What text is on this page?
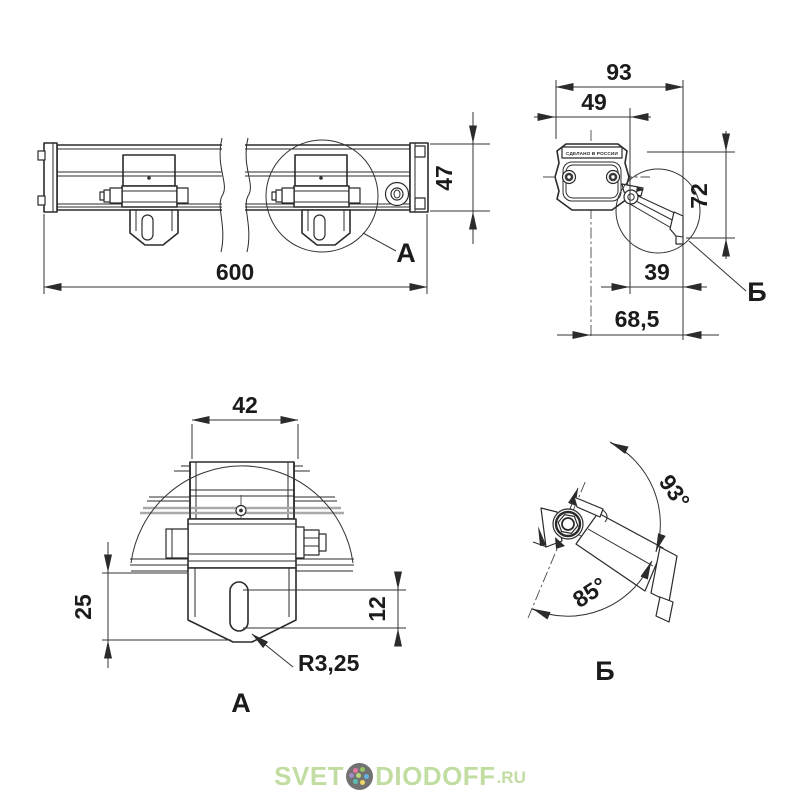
A
600
47
СДЕЛАНО В РОССИИ
Б
93
49
72
39
68,5
42
25	12
R3,25
A
93°
85°
Б
SVET DIODOFF .RU
